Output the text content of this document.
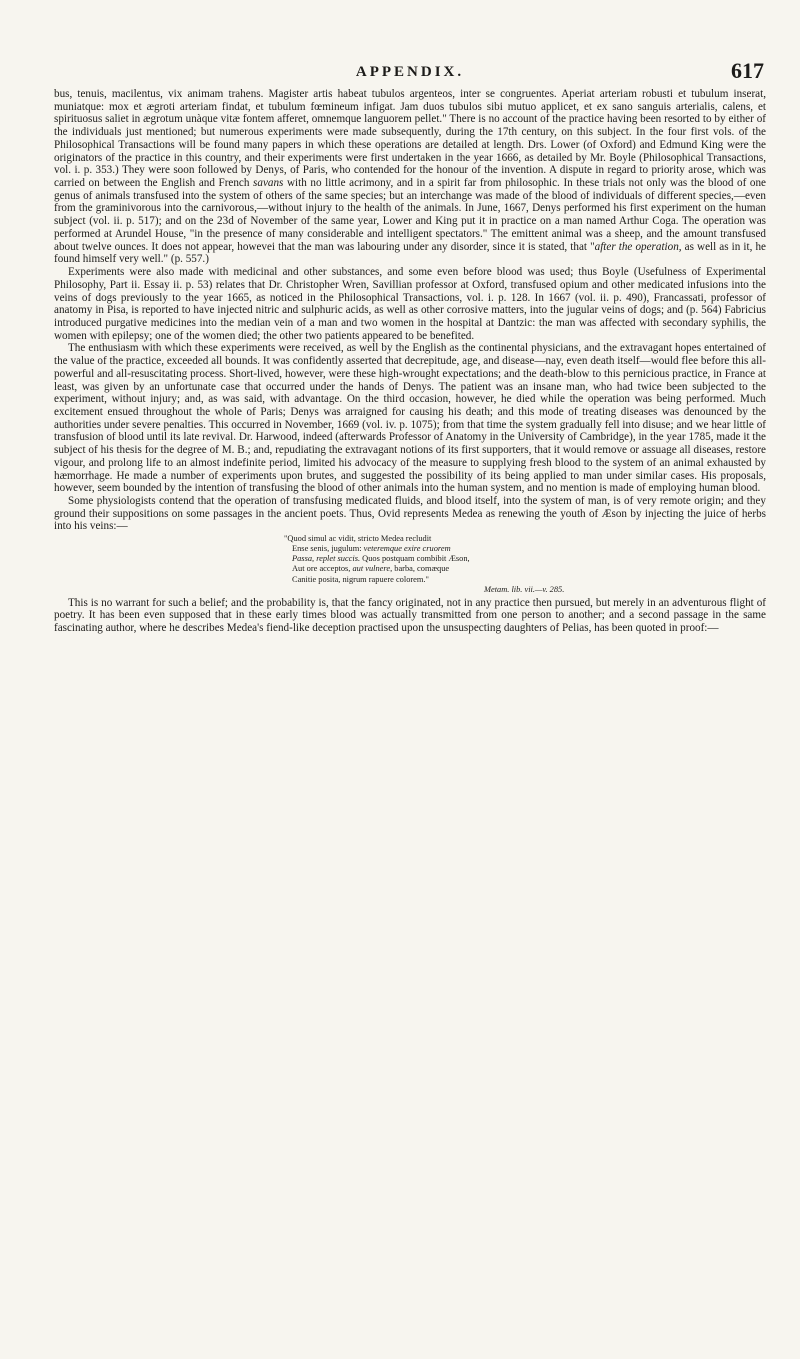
APPENDIX.	617

bus, tenuis, macilentus, vix animam trahens. Magister artis habeat tubulos argenteos, inter se congruentes. Aperiat arteriam robusti et tubulum inserat, muniatque: mox et ægroti arteriam findat, et tubulum fœmineum infigat. Jam duos tubulos sibi mutuo applicet, et ex sano sanguis arterialis, calens, et spirituosus saliet in ægrotum unàque vitæ fontem afferet, omnemque languorem pellet." There is no account of the practice having been resorted to by either of the individuals just mentioned; but numerous experiments were made subsequently, during the 17th century, on this subject. In the four first vols. of the Philosophical Transactions will be found many papers in which these operations are detailed at length. Drs. Lower (of Oxford) and Edmund King were the originators of the practice in this country, and their experiments were first undertaken in the year 1666, as detailed by Mr. Boyle (Philosophical Transactions, vol. i. p. 353.) They were soon followed by Denys, of Paris, who contended for the honour of the invention. A dispute in regard to priority arose, which was carried on between the English and French savans with no little acrimony, and in a spirit far from philosophic. In these trials not only was the blood of one genus of animals transfused into the system of others of the same species; but an interchange was made of the blood of individuals of different species,—even from the graminivorous into the carnivorous,—without injury to the health of the animals. In June, 1667, Denys performed his first experiment on the human subject (vol. ii. p. 517); and on the 23d of November of the same year, Lower and King put it in practice on a man named Arthur Coga. The operation was performed at Arundel House, "in the presence of many considerable and intelligent spectators." The emittent animal was a sheep, and the amount transfused about twelve ounces. It does not appear, howevei that the man was labouring under any disorder, since it is stated, that "after the operation, as well as in it, he found himself very well." (p. 557.)

Experiments were also made with medicinal and other substances, and some even before blood was used; thus Boyle (Usefulness of Experimental Philosophy, Part ii. Essay ii. p. 53) relates that Dr. Christopher Wren, Savillian professor at Oxford, transfused opium and other medicated infusions into the veins of dogs previously to the year 1665, as noticed in the Philosophical Transactions, vol. i. p. 128. In 1667 (vol. ii. p. 490), Francassati, professor of anatomy in Pisa, is reported to have injected nitric and sulphuric acids, as well as other corrosive matters, into the jugular veins of dogs; and (p. 564) Fabricius introduced purgative medicines into the median vein of a man and two women in the hospital at Dantzic: the man was affected with secondary syphilis, the women with epilepsy; one of the women died; the other two patients appeared to be benefited.

The enthusiasm with which these experiments were received, as well by the English as the continental physicians, and the extravagant hopes entertained of the value of the practice, exceeded all bounds. It was confidently asserted that decrepitude, age, and disease—nay, even death itself—would flee before this all-powerful and all-resuscitating process. Short-lived, however, were these high-wrought expectations; and the death-blow to this pernicious practice, in France at least, was given by an unfortunate case that occurred under the hands of Denys. The patient was an insane man, who had twice been subjected to the experiment, without injury; and, as was said, with advantage. On the third occasion, however, he died while the operation was being performed. Much excitement ensued throughout the whole of Paris; Denys was arraigned for causing his death; and this mode of treating diseases was denounced by the authorities under severe penalties. This occurred in November, 1669 (vol. iv. p. 1075); from that time the system gradually fell into disuse; and we hear little of transfusion of blood until its late revival. Dr. Harwood, indeed (afterwards Professor of Anatomy in the University of Cambridge), in the year 1785, made it the subject of his thesis for the degree of M. B.; and, repudiating the extravagant notions of its first supporters, that it would remove or assuage all diseases, restore vigour, and prolong life to an almost indefinite period, limited his advocacy of the measure to supplying fresh blood to the system of an animal exhausted by hæmorrhage. He made a number of experiments upon brutes, and suggested the possibility of its being applied to man under similar cases. His proposals, however, seem bounded by the intention of transfusing the blood of other animals into the human system, and no mention is made of employing human blood.

Some physiologists contend that the operation of transfusing medicated fluids, and blood itself, into the system of man, is of very remote origin; and they ground their suppositions on some passages in the ancient poets. Thus, Ovid represents Medea as renewing the youth of Æson by injecting the juice of herbs into his veins:—

"Quod simul ac vidit, stricto Medea recludit
Ense senis, jugulum: veteremque exire cruorem
Passa, replet succis. Quos postquam combibit Æson,
Aut ore acceptos, aut vulnere, barba, comæque
Canitie posita, nigrum rapuere colorem."
Metam. lib. vii.—v. 285.

This is no warrant for such a belief; and the probability is, that the fancy originated, not in any practice then pursued, but merely in an adventurous flight of poetry. It has been even supposed that in these early times blood was actually transmitted from one person to another; and a second passage in the same fascinating author, where he describes Medea's fiend-like deception practised upon the unsuspecting daughters of Pelias, has been quoted in proof:—
